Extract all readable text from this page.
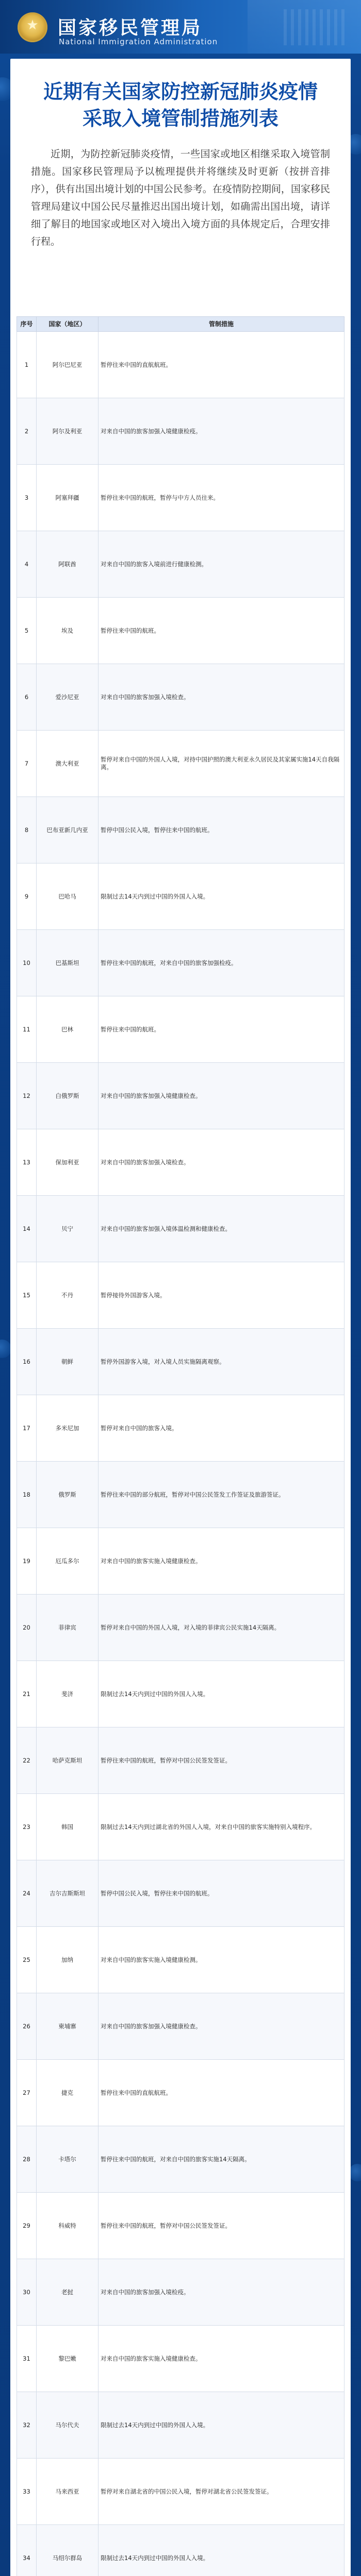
★	国家移民管理局
National Immigration Administration
近期有关国家防控新冠肺炎疫情
采取入境管制措施列表
近期，为防控新冠肺炎疫情，一些国家或地区相继采取入境管制措施。国家移民管理局予以梳理提供并将继续及时更新（按拼音排序），供有出国出境计划的中国公民参考。在疫情防控期间，国家移民管理局建议中国公民尽量推迟出国出境计划，如确需出国出境，请详细了解目的地国家或地区对入境出入境方面的具体规定后，合理安排行程。
序号	国家（地区）	管制措施
1	阿尔巴尼亚	暂停往来中国的直航航班。
2	阿尔及利亚	对来自中国的旅客加强入境健康检疫。
3	阿塞拜疆	暂停往来中国的航班，暂停与中方人员往来。
4	阿联酋	对来自中国的旅客入境前进行健康检测。
5	埃及	暂停往来中国的航班。
6	爱沙尼亚	对来自中国的旅客加强入境检查。
7	澳大利亚	暂停对来自中国的外国人入境，对持中国护照的澳大利亚永久居民及其家属实施14天自我隔离。
8	巴布亚新几内亚	暂停中国公民入境，暂停往来中国的航班。
9	巴哈马	限制过去14天内到过中国的外国人入境。
10	巴基斯坦	暂停往来中国的航班，对来自中国的旅客加强检疫。
11	巴林	暂停往来中国的航班。
12	白俄罗斯	对来自中国的旅客加强入境健康检查。
13	保加利亚	对来自中国的旅客加强入境检查。
14	贝宁	对来自中国的旅客加强入境体温检测和健康检查。
15	不丹	暂停接待外国游客入境。
16	朝鲜	暂停外国游客入境，对入境人员实施隔离观察。
17	多米尼加	暂停对来自中国的旅客入境。
18	俄罗斯	暂停往来中国的部分航班，暂停对中国公民签发工作签证及旅游签证。
19	厄瓜多尔	对来自中国的旅客实施入境健康检查。
20	菲律宾	暂停对来自中国的外国人入境，对入境的菲律宾公民实施14天隔离。
21	斐济	限制过去14天内到过中国的外国人入境。
22	哈萨克斯坦	暂停往来中国的航班，暂停对中国公民签发签证。
23	韩国	限制过去14天内到过湖北省的外国人入境，对来自中国的旅客实施特别入境程序。
24	吉尔吉斯斯坦	暂停中国公民入境，暂停往来中国的航班。
25	加纳	对来自中国的旅客实施入境健康检测。
26	柬埔寨	对来自中国的旅客加强入境健康检查。
27	捷克	暂停往来中国的直航航班。
28	卡塔尔	暂停往来中国的航班，对来自中国的旅客实施14天隔离。
29	科威特	暂停往来中国的航班，暂停对中国公民签发签证。
30	老挝	对来自中国的旅客加强入境检疫。
31	黎巴嫩	对来自中国的旅客实施入境健康检查。
32	马尔代夫	限制过去14天内到过中国的外国人入境。
33	马来西亚	暂停对来自湖北省的中国公民入境，暂停对湖北省公民签发签证。
34	马绍尔群岛	限制过去14天内到过中国的外国人入境。
